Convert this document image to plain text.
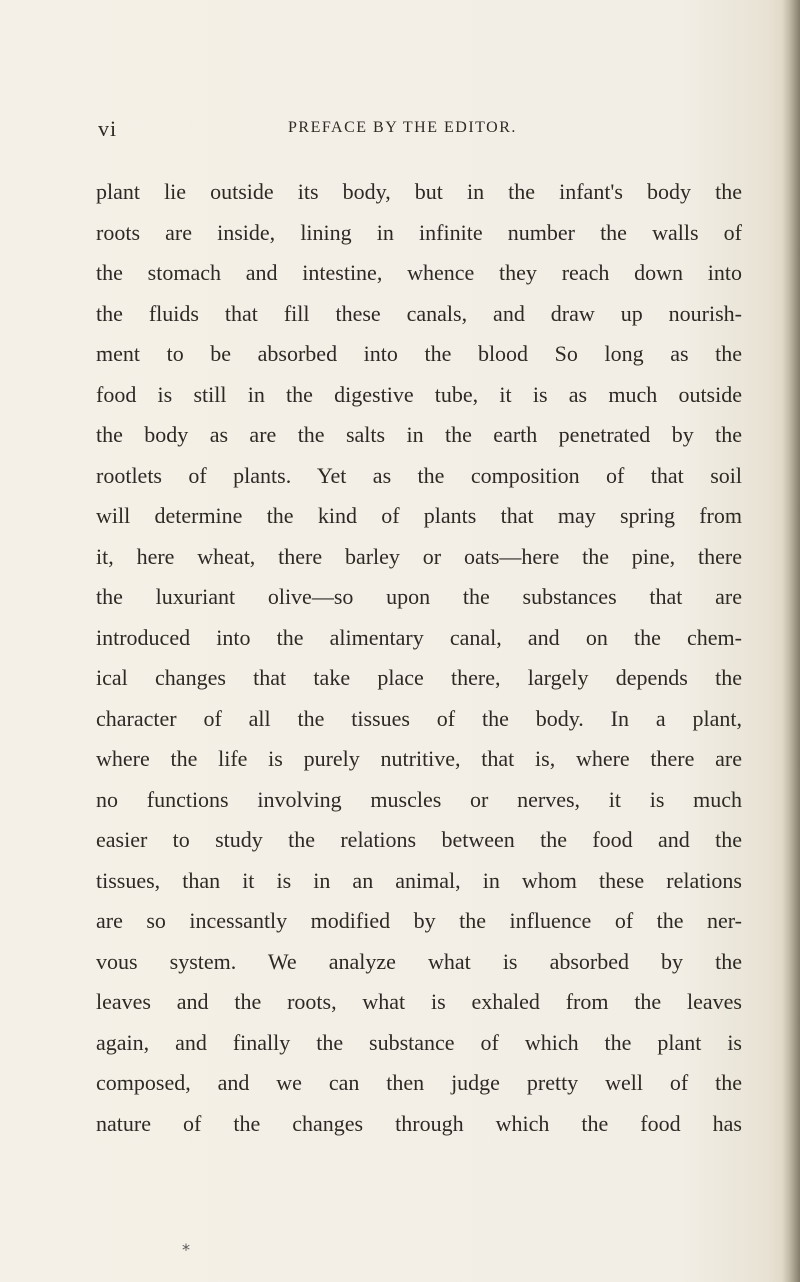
vi	PREFACE BY THE EDITOR.
plant lie outside its body, but in the infant's body the
roots are inside, lining in infinite number the walls of
the stomach and intestine, whence they reach down into
the fluids that fill these canals, and draw up nourish-
ment to be absorbed into the blood So long as the
food is still in the digestive tube, it is as much outside
the body as are the salts in the earth penetrated by the
rootlets of plants. Yet as the composition of that soil
will determine the kind of plants that may spring from
it, here wheat, there barley or oats—here the pine, there
the luxuriant olive—so upon the substances that are
introduced into the alimentary canal, and on the chem-
ical changes that take place there, largely depends the
character of all the tissues of the body. In a plant,
where the life is purely nutritive, that is, where there are
no functions involving muscles or nerves, it is much
easier to study the relations between the food and the
tissues, than it is in an animal, in whom these relations
are so incessantly modified by the influence of the ner-
vous system. We analyze what is absorbed by the
leaves and the roots, what is exhaled from the leaves
again, and finally the substance of which the plant is
composed, and we can then judge pretty well of the
nature of the changes through which the food has
*
